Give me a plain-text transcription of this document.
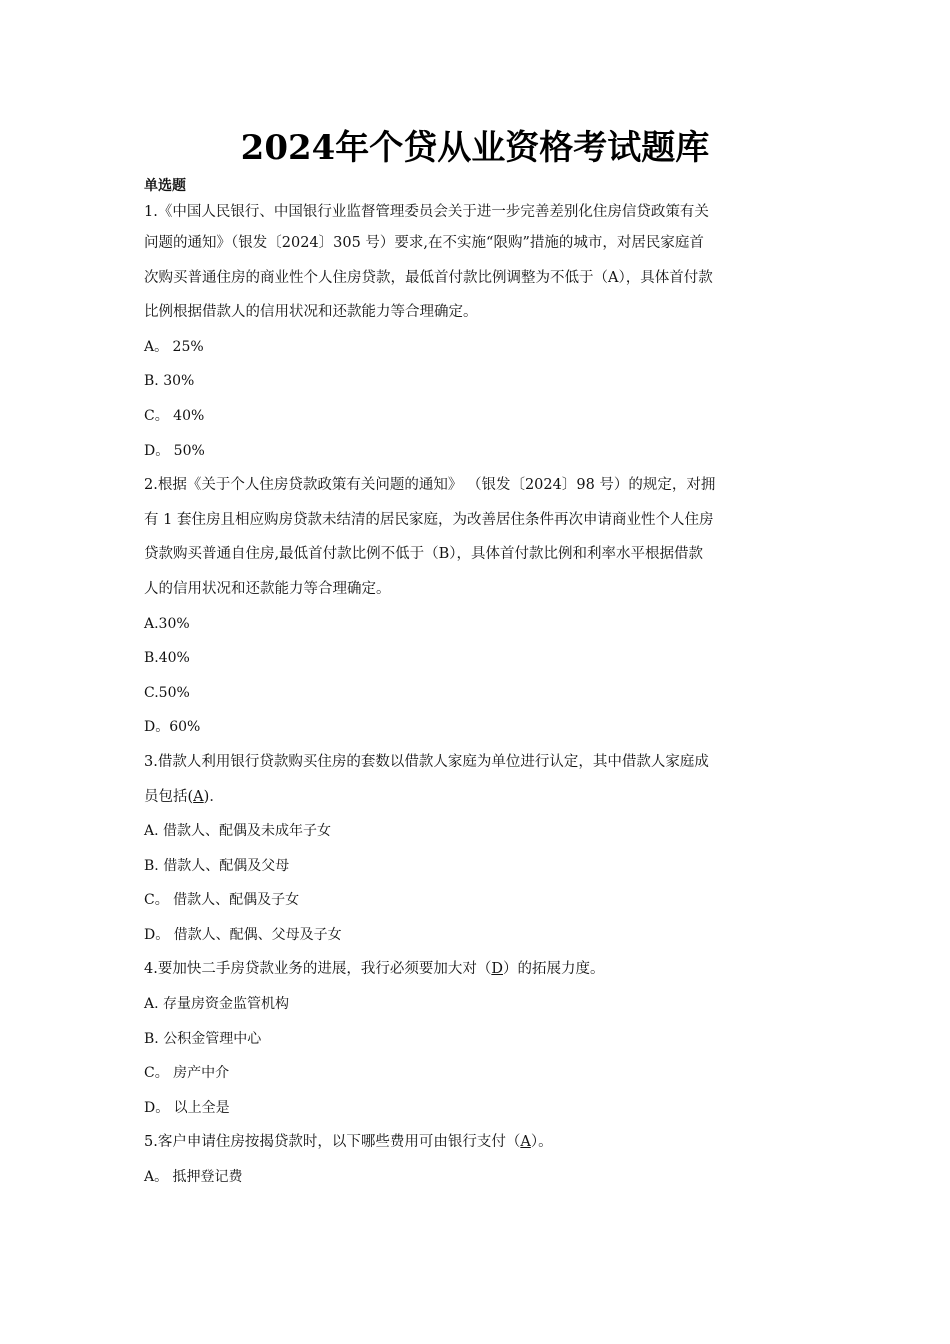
2024年个贷从业资格考试题库
单选题
1.《中国人民银行、中国银行业监督管理委员会关于进一步完善差别化住房信贷政策有关
问题的通知》（银发〔2024〕305 号）要求,在不实施“限购”措施的城市，对居民家庭首
次购买普通住房的商业性个人住房贷款，最低首付款比例调整为不低于（A），具体首付款
比例根据借款人的信用状况和还款能力等合理确定。
A。 25%
B. 30%
C。 40%
D。 50%
2.根据《关于个人住房贷款政策有关问题的通知》 （银发〔2024〕98 号）的规定，对拥
有 1 套住房且相应购房贷款未结清的居民家庭，为改善居住条件再次申请商业性个人住房
贷款购买普通自住房,最低首付款比例不低于（B），具体首付款比例和利率水平根据借款
人的信用状况和还款能力等合理确定。
A.30%
B.40%
C.50%
D。60%
3.借款人利用银行贷款购买住房的套数以借款人家庭为单位进行认定，其中借款人家庭成
员包括(A)．
A. 借款人、配偶及未成年子女
B. 借款人、配偶及父母
C。 借款人、配偶及子女
D。 借款人、配偶、父母及子女
4.要加快二手房贷款业务的进展，我行必须要加大对（D）的拓展力度。
A. 存量房资金监管机构
B. 公积金管理中心
C。 房产中介
D。 以上全是
5.客户申请住房按揭贷款时，以下哪些费用可由银行支付（A）。
A。 抵押登记费
